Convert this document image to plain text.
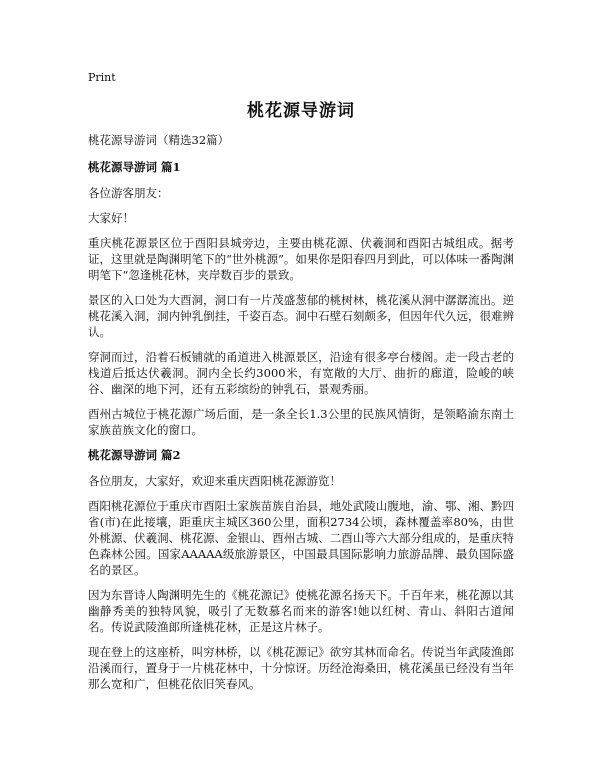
Print
桃花源导游词
桃花源导游词（精选32篇）
桃花源导游词 篇1

各位游客朋友：

大家好！

重庆桃花源景区位于酉阳县城旁边，主要由桃花源、伏羲洞和酉阳古城组成。据考证，这里就是陶渊明笔下的“世外桃源”。如果你是阳春四月到此，可以体味一番陶渊明笔下“忽逢桃花林，夹岸数百步的景致。

景区的入口处为大酉洞，洞口有一片茂盛葱郁的桃树林，桃花溪从洞中潺潺流出。逆桃花溪入洞，洞内钟乳倒挂，千姿百态。洞中石壁石刻颇多，但因年代久远，很难辨认。

穿洞而过，沿着石板铺就的甬道进入桃源景区，沿途有很多亭台楼阁。走一段古老的栈道后抵达伏羲洞。洞内全长约3000米，有宽敞的大厅、曲折的廊道，险峻的峡谷、幽深的地下河，还有五彩缤纷的钟乳石，景观秀丽。

酉州古城位于桃花源广场后面，是一条全长1.3公里的民族风情街，是领略渝东南土家族苗族文化的窗口。

桃花源导游词 篇2

各位朋友，大家好，欢迎来重庆酉阳桃花源游览！

酉阳桃花源位于重庆市酉阳土家族苗族自治县，地处武陵山腹地，渝、鄂、湘、黔四省(市)在此接壤，距重庆主城区360公里，面积2734公顷，森林覆盖率80%，由世外桃源、伏羲洞、桃花源、金银山、酉州古城、二酉山等六大部分组成的，是重庆特色森林公园。国家AAAAA级旅游景区，中国最具国际影响力旅游品牌、最负国际盛名的景区。

因为东晋诗人陶渊明先生的《桃花源记》使桃花源名扬天下。千百年来，桃花源以其幽静秀美的独特风貌，吸引了无数慕名而来的游客!她以红树、青山、斜阳古道闻名。传说武陵渔郎所逢桃花林，正是这片林子。

现在登上的这座桥，叫穷林桥，以《桃花源记》欲穷其林而命名。传说当年武陵渔郎沿溪而行，置身于一片桃花林中，十分惊讶。历经沧海桑田，桃花溪虽已经没有当年那么宽和广，但桃花依旧笑春风。
